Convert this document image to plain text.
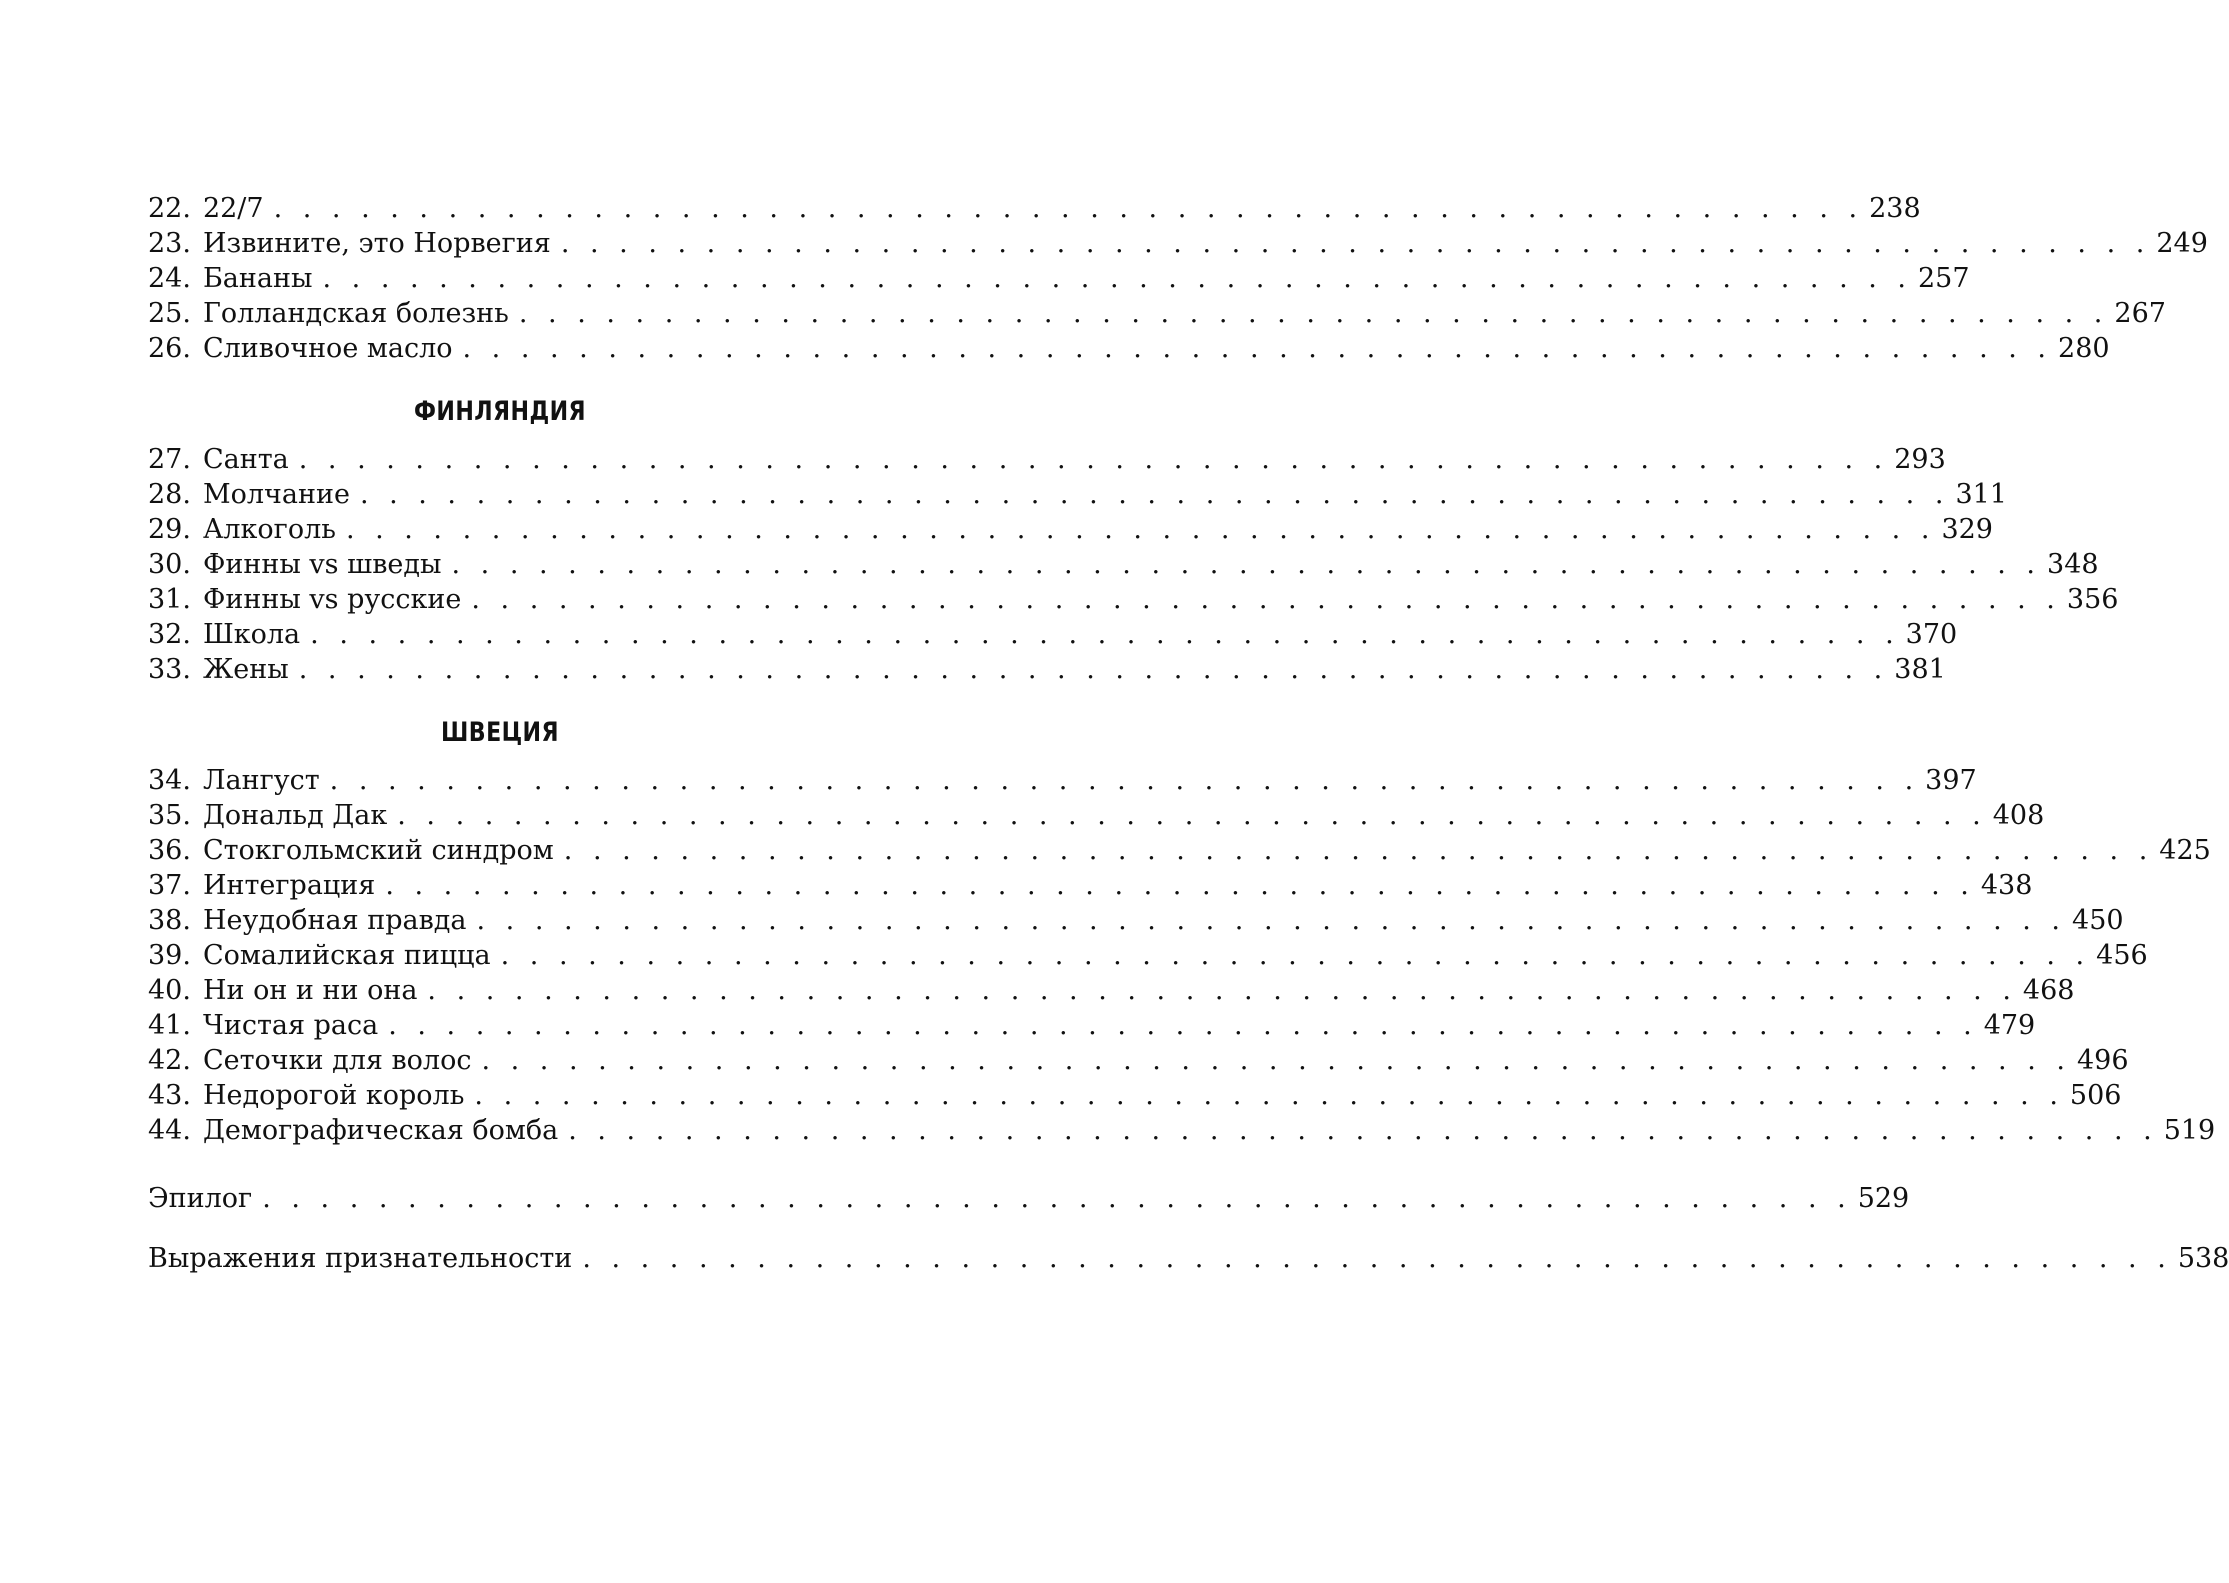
22. 22/7 . . . . . . . . . . . . . . . . . . . . . . . . . . . . . . . . . . . . . . . . . . . . . . . . . . . . . . . 238
23. Извините, это Норвегия . . . . . . . . . . . . . . . . . . . . . . . . . . . . . . . . . . . . . . . . . . . . . . . . . . . . . . . 249
24. Бананы . . . . . . . . . . . . . . . . . . . . . . . . . . . . . . . . . . . . . . . . . . . . . . . . . . . . . . . 257
25. Голландская болезнь . . . . . . . . . . . . . . . . . . . . . . . . . . . . . . . . . . . . . . . . . . . . . . . . . . . . . . . 267
26. Сливочное масло . . . . . . . . . . . . . . . . . . . . . . . . . . . . . . . . . . . . . . . . . . . . . . . . . . . . . . . 280
ФИНЛЯНДИЯ
27. Санта . . . . . . . . . . . . . . . . . . . . . . . . . . . . . . . . . . . . . . . . . . . . . . . . . . . . . . . 293
28. Молчание . . . . . . . . . . . . . . . . . . . . . . . . . . . . . . . . . . . . . . . . . . . . . . . . . . . . . . . 311
29. Алкоголь . . . . . . . . . . . . . . . . . . . . . . . . . . . . . . . . . . . . . . . . . . . . . . . . . . . . . . . 329
30. Финны vs шведы . . . . . . . . . . . . . . . . . . . . . . . . . . . . . . . . . . . . . . . . . . . . . . . . . . . . . . . 348
31. Финны vs русские . . . . . . . . . . . . . . . . . . . . . . . . . . . . . . . . . . . . . . . . . . . . . . . . . . . . . . . 356
32. Школа . . . . . . . . . . . . . . . . . . . . . . . . . . . . . . . . . . . . . . . . . . . . . . . . . . . . . . . 370
33. Жены . . . . . . . . . . . . . . . . . . . . . . . . . . . . . . . . . . . . . . . . . . . . . . . . . . . . . . . 381
ШВЕЦИЯ
34. Лангуст . . . . . . . . . . . . . . . . . . . . . . . . . . . . . . . . . . . . . . . . . . . . . . . . . . . . . . . 397
35. Дональд Дак . . . . . . . . . . . . . . . . . . . . . . . . . . . . . . . . . . . . . . . . . . . . . . . . . . . . . . . 408
36. Стокгольмский синдром . . . . . . . . . . . . . . . . . . . . . . . . . . . . . . . . . . . . . . . . . . . . . . . . . . . . . . . 425
37. Интеграция . . . . . . . . . . . . . . . . . . . . . . . . . . . . . . . . . . . . . . . . . . . . . . . . . . . . . . . 438
38. Неудобная правда . . . . . . . . . . . . . . . . . . . . . . . . . . . . . . . . . . . . . . . . . . . . . . . . . . . . . . . 450
39. Сомалийская пицца . . . . . . . . . . . . . . . . . . . . . . . . . . . . . . . . . . . . . . . . . . . . . . . . . . . . . . . 456
40. Ни он и ни она . . . . . . . . . . . . . . . . . . . . . . . . . . . . . . . . . . . . . . . . . . . . . . . . . . . . . . . 468
41. Чистая раса . . . . . . . . . . . . . . . . . . . . . . . . . . . . . . . . . . . . . . . . . . . . . . . . . . . . . . . 479
42. Сеточки для волос . . . . . . . . . . . . . . . . . . . . . . . . . . . . . . . . . . . . . . . . . . . . . . . . . . . . . . . 496
43. Недорогой король . . . . . . . . . . . . . . . . . . . . . . . . . . . . . . . . . . . . . . . . . . . . . . . . . . . . . . . 506
44. Демографическая бомба . . . . . . . . . . . . . . . . . . . . . . . . . . . . . . . . . . . . . . . . . . . . . . . . . . . . . . . 519
Эпилог . . . . . . . . . . . . . . . . . . . . . . . . . . . . . . . . . . . . . . . . . . . . . . . . . . . . . . . 529
Выражения признательности . . . . . . . . . . . . . . . . . . . . . . . . . . . . . . . . . . . . . . . . . . . . . . . . . . . . . . . 538
